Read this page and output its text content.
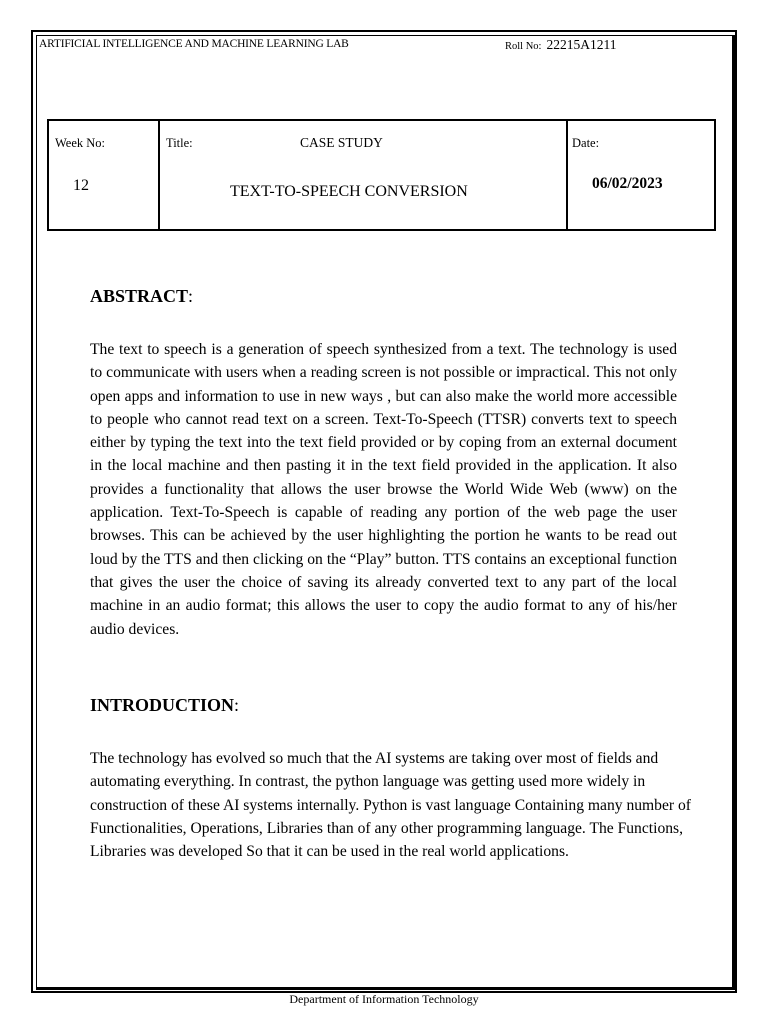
ARTIFICIAL INTELLIGENCE AND MACHINE LEARNING LAB	Roll No: 22215A1211
Week No:
12

Title:	CASE STUDY
TEXT-TO-SPEECH CONVERSION

Date:
06/02/2023
ABSTRACT:
The text to speech is a generation of speech synthesized from a text. The technology is used to communicate with users when a reading screen is not possible or impractical. This not only open apps and information to use in new ways , but can also make the world more accessible to people who cannot read text on a screen. Text-To-Speech (TTSR) converts text to speech either by typing the text into the text field provided or by coping from an external document in the local machine and then pasting it in the text field provided in the application. It also provides a functionality that allows the user browse the World Wide Web (www) on the application. Text-To-Speech is capable of reading any portion of the web page the user browses. This can be achieved by the user highlighting the portion he wants to be read out loud by the TTS and then clicking on the “Play” button. TTS contains an exceptional function that gives the user the choice of saving its already converted text to any part of the local machine in an audio format; this allows the user to copy the audio format to any of his/her audio devices.
INTRODUCTION:
The technology has evolved so much that the AI systems are taking over most of fields and automating everything. In contrast, the python language was getting used more widely in construction of these AI systems internally. Python is vast language Containing many number of Functionalities, Operations, Libraries than of any other programming language. The Functions, Libraries was developed So that it can be used in the real world applications.
Department of Information Technology
